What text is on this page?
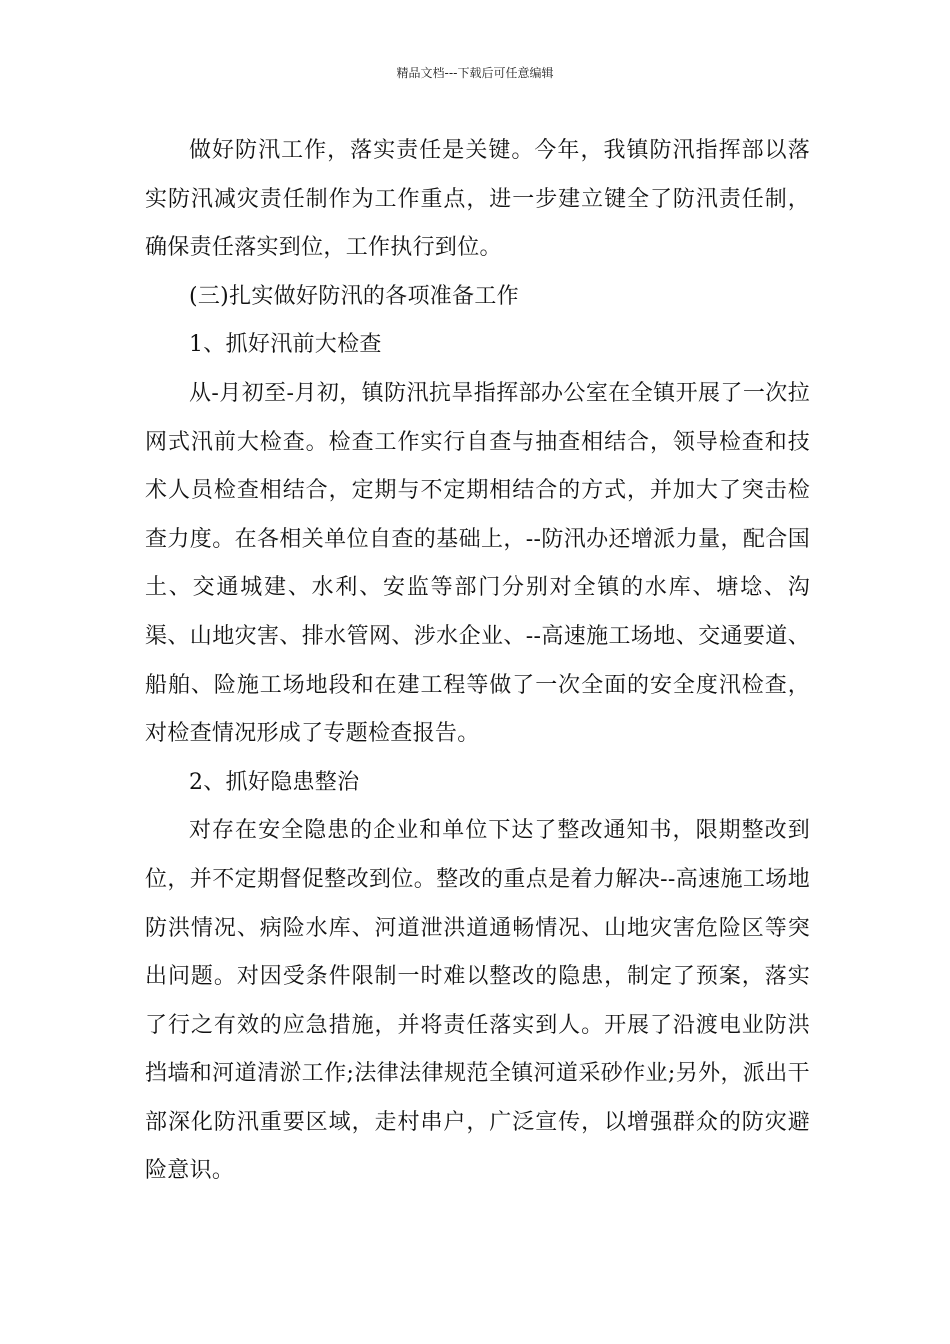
精品文档---下载后可任意编辑

做好防汛工作，落实责任是关键。今年，我镇防汛指挥部以落实防汛减灾责任制作为工作重点，进一步建立键全了防汛责任制，确保责任落实到位，工作执行到位。

(三)扎实做好防汛的各项准备工作

1、抓好汛前大检查

从-月初至-月初，镇防汛抗旱指挥部办公室在全镇开展了一次拉网式汛前大检查。检查工作实行自查与抽查相结合，领导检查和技术人员检查相结合，定期与不定期相结合的方式，并加大了突击检查力度。在各相关单位自查的基础上，--防汛办还增派力量，配合国土、交通城建、水利、安监等部门分别对全镇的水库、塘埝、沟渠、山地灾害、排水管网、涉水企业、--高速施工场地、交通要道、船舶、险施工场地段和在建工程等做了一次全面的安全度汛检查，对检查情况形成了专题检查报告。

2、抓好隐患整治

对存在安全隐患的企业和单位下达了整改通知书，限期整改到位，并不定期督促整改到位。整改的重点是着力解决--高速施工场地防洪情况、病险水库、河道泄洪道通畅情况、山地灾害危险区等突出问题。对因受条件限制一时难以整改的隐患，制定了预案，落实了行之有效的应急措施，并将责任落实到人。开展了沿渡电业防洪挡墙和河道清淤工作;法律法律规范全镇河道采砂作业;另外，派出干部深化防汛重要区域，走村串户，广泛宣传，以增强群众的防灾避险意识。
